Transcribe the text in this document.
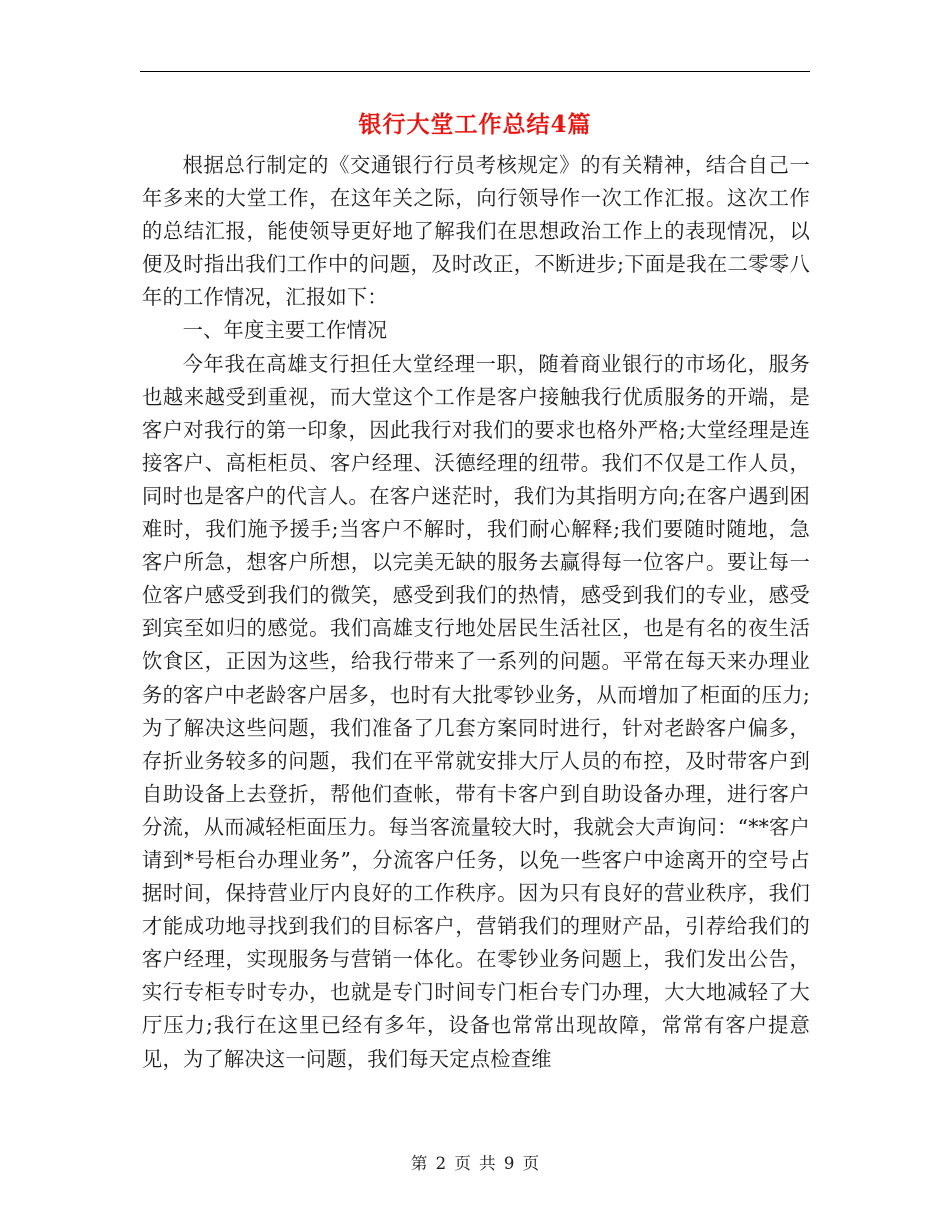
银行大堂工作总结4篇

根据总行制定的《交通银行行员考核规定》的有关精神，结合自己一年多来的大堂工作，在这年关之际，向行领导作一次工作汇报。这次工作的总结汇报，能使领导更好地了解我们在思想政治工作上的表现情况，以便及时指出我们工作中的问题，及时改正，不断进步;下面是我在二零零八年的工作情况，汇报如下：

一、年度主要工作情况

今年我在高雄支行担任大堂经理一职，随着商业银行的市场化，服务也越来越受到重视，而大堂这个工作是客户接触我行优质服务的开端，是客户对我行的第一印象，因此我行对我们的要求也格外严格;大堂经理是连接客户、高柜柜员、客户经理、沃德经理的纽带。我们不仅是工作人员，同时也是客户的代言人。在客户迷茫时，我们为其指明方向;在客户遇到困难时，我们施予援手;当客户不解时，我们耐心解释;我们要随时随地，急客户所急，想客户所想，以完美无缺的服务去赢得每一位客户。要让每一位客户感受到我们的微笑，感受到我们的热情，感受到我们的专业，感受到宾至如归的感觉。我们高雄支行地处居民生活社区，也是有名的夜生活饮食区，正因为这些，给我行带来了一系列的问题。平常在每天来办理业务的客户中老龄客户居多，也时有大批零钞业务，从而增加了柜面的压力;为了解决这些问题，我们准备了几套方案同时进行，针对老龄客户偏多，存折业务较多的问题，我们在平常就安排大厅人员的布控，及时带客户到自助设备上去登折，帮他们查帐，带有卡客户到自助设备办理，进行客户分流，从而减轻柜面压力。每当客流量较大时，我就会大声询问：“**客户请到*号柜台办理业务”，分流客户任务，以免一些客户中途离开的空号占据时间，保持营业厅内良好的工作秩序。因为只有良好的营业秩序，我们才能成功地寻找到我们的目标客户，营销我们的理财产品，引荐给我们的客户经理，实现服务与营销一体化。在零钞业务问题上，我们发出公告，实行专柜专时专办，也就是专门时间专门柜台专门办理，大大地减轻了大厅压力;我行在这里已经有多年，设备也常常出现故障，常常有客户提意见，为了解决这一问题，我们每天定点检查维

第 2 页 共 9 页
